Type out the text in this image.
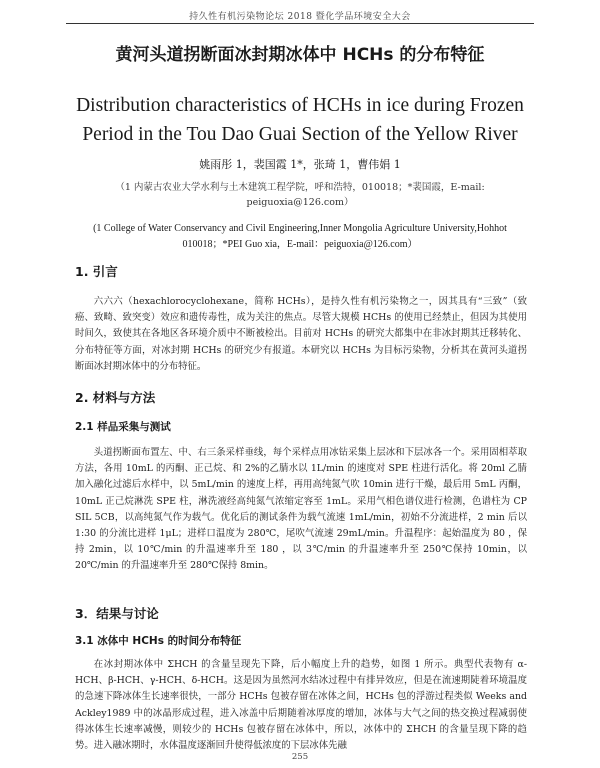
持久性有机污染物论坛 2018 暨化学品环境安全大会
黄河头道拐断面冰封期冰体中 HCHs 的分布特征
Distribution characteristics of HCHs in ice during Frozen
Period in the Tou Dao Guai Section of the Yellow River
姚雨彤 1，裴国霞 1*，张琦 1，曹伟娟 1
（1 内蒙古农业大学水利与土木建筑工程学院，呼和浩特，010018；*裴国霞，E-mail:
peiguoxia@126.com）
(1 College of Water Conservancy and Civil Engineering,Inner Mongolia Agriculture University,Hohhot
010018；*PEI Guo xia，E-mail：peiguoxia@126.com）
1. 引言
六六六（hexachlorocyclohexane，简称 HCHs），是持久性有机污染物之一，因其具有“三致”（致癌、致畸、致突变）效应和遗传毒性，成为关注的焦点。尽管大规模 HCHs 的使用已经禁止，但因为其使用时间久，致使其在各地区各环境介质中不断被检出。目前对 HCHs 的研究大都集中在非冰封期其迁移转化、分布特征等方面，对冰封期 HCHs 的研究少有报道。本研究以 HCHs 为目标污染物，分析其在黄河头道拐断面冰封期冰体中的分布特征。
2. 材料与方法
2.1 样品采集与测试
头道拐断面布置左、中、右三条采样垂线，每个采样点用冰钻采集上层冰和下层冰各一个。采用固相萃取方法，各用 10mL 的丙酮、正己烷、和 2%的乙腈水以 1L/min 的速度对 SPE 柱进行活化。将 20ml 乙腈加入融化过滤后水样中，以 5mL/min 的速度上样，再用高纯氮气吹 10min 进行干燥，最后用 5mL 丙酮，10mL 正己烷淋洗 SPE 柱，淋洗液经高纯氮气浓缩定容至 1mL。采用气相色谱仪进行检测，色谱柱为 CP SIL 5CB，以高纯氮气作为载气。优化后的测试条件为载气流速 1mL/min，初始不分流进样，2 min 后以 1:30 的分流比进样 1μL；进样口温度为 280℃，尾吹气流速 29mL/min。升温程序：起始温度为 80 ，保持 2min，以 10℃/min 的升温速率升至 180 ，以 3℃/min 的升温速率升至 250℃保持 10min，以 20℃/min 的升温速率升至 280℃保持 8min。
3．结果与讨论
3.1 冰体中 HCHs 的时间分布特征
在冰封期冰体中 ΣHCH 的含量呈现先下降，后小幅度上升的趋势，如图 1 所示。典型代表物有 α-HCH、β-HCH、γ-HCH、δ-HCH。这是因为虽然河水结冰过程中有排异效应，但是在流速期陡着环境温度的急速下降冰体生长速率很快，一部分 HCHs 包被存留在冰体之间，HCHs 包的浮游过程类似 Weeks and Ackley1989 中的冰晶形成过程，进入冰盖中后期随着冰厚度的增加，冰体与大气之间的热交换过程减弱使得冰体生长速率减慢，则较少的 HCHs 包被存留在冰体中，所以，冰体中的 ΣHCH 的含量呈现下降的趋势。进入融冰期时，水体温度逐渐回升使得低浓度的下层冰体先融
255
